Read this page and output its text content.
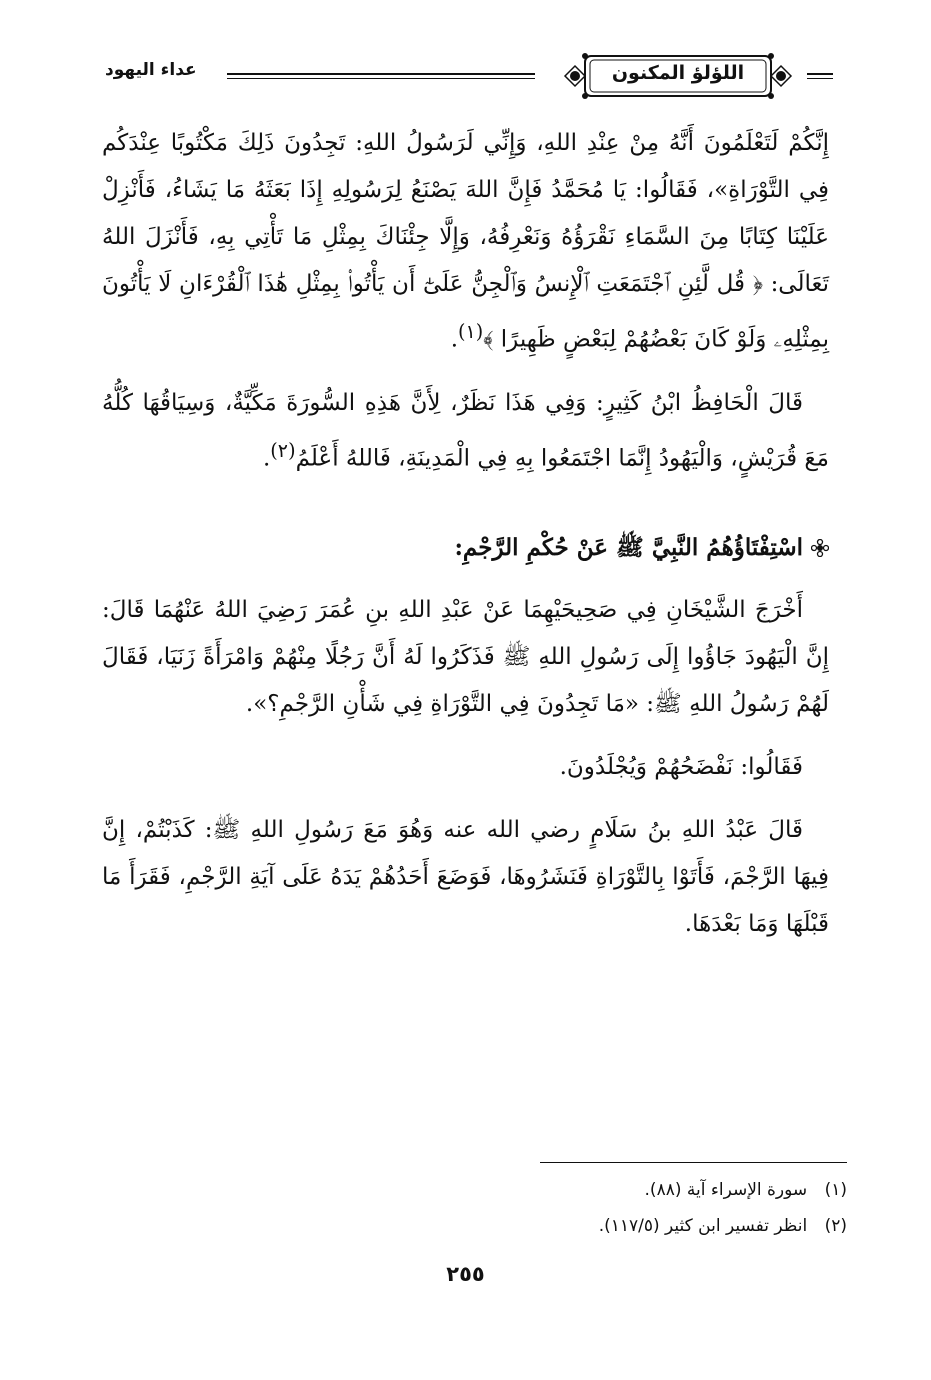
اللؤلؤ المكنون
عداء اليهود

إِنَّكُمْ لَتَعْلَمُونَ أَنَّهُ مِنْ عِنْدِ اللهِ، وَإِنِّي لَرَسُولُ اللهِ: تَجِدُونَ ذَلِكَ مَكْتُوبًا عِنْدَكُم فِي التَّوْرَاةِ»، فَقَالُوا: يَا مُحَمَّدُ فَإِنَّ اللهَ يَصْنَعُ لِرَسُولِهِ إِذَا بَعَثَهُ مَا يَشَاءُ، فَأَنْزِلْ عَلَيْنَا كِتَابًا مِنَ السَّمَاءِ نَقْرَؤُهُ وَنَعْرِفُهُ، وَإِلَّا جِئْنَاكَ بِمِثْلِ مَا تَأْتِي بِهِ، فَأَنْزَلَ اللهُ تَعَالَى: ﴿ قُل لَّئِنِ ٱجْتَمَعَتِ ٱلْإِنسُ وَٱلْجِنُّ عَلَىٰٓ أَن يَأْتُوا۟ بِمِثْلِ هَٰذَا ٱلْقُرْءَانِ لَا يَأْتُونَ بِمِثْلِهِۦ وَلَوْ كَانَ بَعْضُهُمْ لِبَعْضٍ ظَهِيرًا ﴾$^{(١)}$.

قَالَ الْحَافِظُ ابْنُ كَثِيرٍ: وَفِي هَذَا نَظَرٌ، لِأَنَّ هَذِهِ السُّورَةَ مَكِّيَّةٌ، وَسِيَاقُهَا كُلُّهُ مَعَ قُرَيْشٍ، وَالْيَهُودُ إِنَّمَا اجْتَمَعُوا بِهِ فِي الْمَدِينَةِ، فَاللهُ أَعْلَمُ$^{(٢)}$.

اسْتِفْتَاؤُهُمُ النَّبِيَّ ﷺ عَنْ حُكْمِ الرَّجْمِ:

أَخْرَجَ الشَّيْخَانِ فِي صَحِيحَيْهِمَا عَنْ عَبْدِ اللهِ بنِ عُمَرَ رَضِيَ اللهُ عَنْهُمَا قَالَ: إِنَّ الْيَهُودَ جَاؤُوا إِلَى رَسُولِ اللهِ ﷺ فَذَكَرُوا لَهُ أَنَّ رَجُلًا مِنْهُمْ وَامْرَأَةً زَنَيَا، فَقَالَ لَهُمْ رَسُولُ اللهِ ﷺ: «مَا تَجِدُونَ فِي التَّوْرَاةِ فِي شَأْنِ الرَّجْمِ؟».

فَقَالُوا: نَفْضَحُهُمْ وَيُجْلَدُونَ.

قَالَ عَبْدُ اللهِ بنُ سَلَامٍ رضي الله عنه وَهُوَ مَعَ رَسُولِ اللهِ ﷺ: كَذَبْتُمْ، إِنَّ فِيهَا الرَّجْمَ، فَأَتَوْا بِالتَّوْرَاةِ فَنَشَرُوهَا، فَوَضَعَ أَحَدُهُمْ يَدَهُ عَلَى آيَةِ الرَّجْمِ، فَقَرَأَ مَا قَبْلَهَا وَمَا بَعْدَهَا.

(١) سورة الإسراء آية (٨٨).
(٢) انظر تفسير ابن كثير (١١٧/٥).
٢٥٥
